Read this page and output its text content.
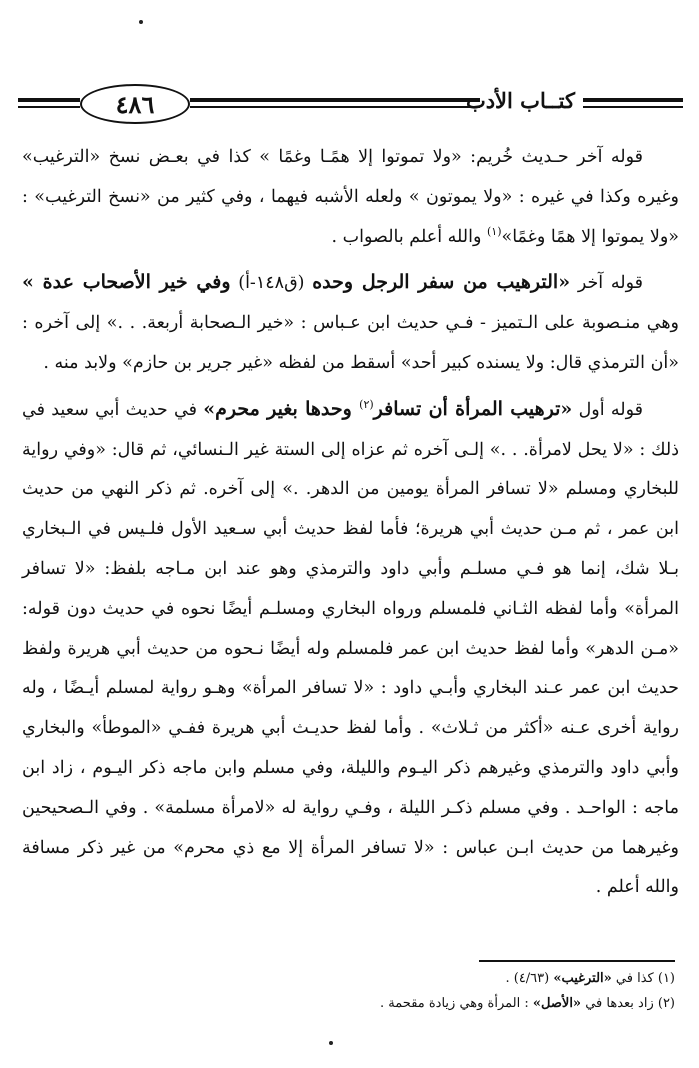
٤٨٦	كتــاب الأدب

قوله آخر حـديث خُريم: «ولا تموتوا إلا همًـا وغمًا » كذا في بعـض نسخ «الترغيب» وغيره وكذا في غيره : «ولا يموتون » ولعله الأشبه فيهما ، وفي كثير من «نسخ الترغيب» : «ولا يموتوا إلا همًا وغمًا»$^{(١)}$ والله أعلم بالصواب .

قوله آخر «الترهيب من سفر الرجل وحده (ق١٤٨-أ) وفي خير الأصحاب عدة » وهي منـصوبة على الـتميز - فـي حديث ابن عـباس : «خير الـصحابة أربعة. . .» إلى آخره : «أن الترمذي قال: ولا يسنده كبير أحد» أسقط من لفظه «غير جرير بن حازم» ولابد منه .

قوله أول «ترهيب المرأة أن تسافر$^{(٢)}$ وحدها بغير محرم» في حديث أبي سعيد في ذلك : «لا يحل لامرأة. . .» إلـى آخره ثم عزاه إلى الستة غير الـنسائي، ثم قال: «وفي رواية للبخاري ومسلم «لا تسافر المرأة يومين من الدهر. .» إلى آخره. ثم ذكر النهي من حديث ابن عمر ، ثم مـن حديث أبي هريرة؛ فأما لفظ حديث أبي سـعيد الأول فلـيس في الـبخاري بـلا شك، إنما هو فـي مسلـم وأبي داود والترمذي وهو عند ابن مـاجه بلفظ: «لا تسافر المرأة» وأما لفظه الثـاني فلمسلم ورواه البخاري ومسلـم أيضًا نحوه في حديث دون قوله: «مـن الدهر» وأما لفظ حديث ابن عمر فلمسلم وله أيضًا نـحوه من حديث أبي هريرة ولفظ حديث ابن عمر عـند البخاري وأبـي داود : «لا تسافر المرأة» وهـو رواية لمسلم أيـضًا ، وله رواية أخرى عـنه «أكثر من ثـلاث» . وأما لفظ حديـث أبي هريرة ففـي «الموطأ» والبخاري وأبي داود والترمذي وغيرهم ذكر اليـوم والليلة، وفي مسلم وابن ماجه ذكر اليـوم ، زاد ابن ماجه : الواحـد . وفي مسلم ذكـر الليلة ، وفـي رواية له «لامرأة مسلمة» . وفي الـصحيحين وغيرهما من حديث ابـن عباس : «لا تسافر المرأة إلا مع ذي محرم» من غير ذكر مسافة والله أعلم .

(١) كذا في «الترغيب» (٤/٦٣) .
(٢) زاد بعدها في «الأصل» : المرأة وهي زيادة مقحمة .
